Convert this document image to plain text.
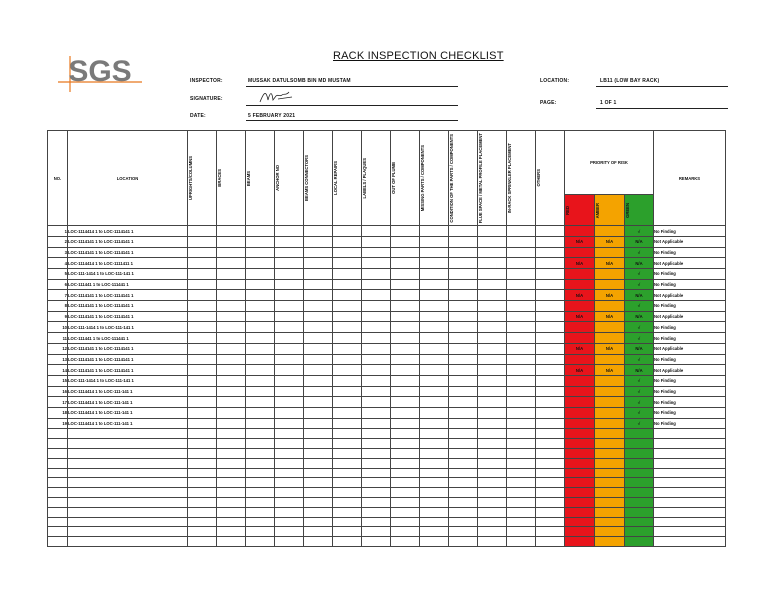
SGS	RACK INSPECTION CHECKLIST
INSPECTOR:	MUSSAK DATULSOMB BIN MD MUSTAM
SIGNATURE:
DATE:	5 FEBRUARY 2021
LOCATION:	LB11 (LOW BAY RACK)
PAGE:	1 OF 1
NO.	LOCATION	UPRIGHTS/COLUMNS	BRACES	BEAMS	ANCHOR NO	BEAMS CONNECTORS	LOCAL REPAIRS	LABELS / PLAQUES	OUT OF PLUMB	MISSING PARTS / COMPONENTS	CONDITION OF THE PARTS / COMPONENTS	FLUE SPACE / METAL PROFILE PLACEMENT	IN-RACK SPRINKLER PLACEMENT	OTHERS	PRIORITY OF RISK			REMARKS

															RED	AMBER	GREEN	

1	LOC-1114414 1 to LOC-1114141 1																√	No Finding
2	LOC-1114141 1 to LOC-1114141 1														N/A	N/A	N/A	Not Applicable
3	LOC-1114141 1 to LOC-1114141 1																√	No Finding
4	LOC-1114414 1 to LOC-1111411 1														N/A	N/A	N/A	Not Applicable
5	LOC-111-1414 1 to LOC-111-141 1																√	No Finding
6	LOC-111441 1 to LOC-111441 1																√	No Finding
7	LOC-1114141 1 to LOC-1114141 1														N/A	N/A	N/A	Not Applicable
8	LOC-1114141 1 to LOC-1114141 1																√	No Finding
9	LOC-1114141 1 to LOC-1114141 1														N/A	N/A	N/A	Not Applicable
10	LOC-111-1414 1 to LOC-111-141 1																√	No Finding
11	LOC-111441 1 to LOC-111441 1																√	No Finding
12	LOC-1114141 1 to LOC-1114141 1														N/A	N/A	N/A	Not Applicable
13	LOC-1114141 1 to LOC-1114141 1																√	No Finding
14	LOC-1114141 1 to LOC-1114141 1														N/A	N/A	N/A	Not Applicable
15	LOC-111-1414 1 to LOC-111-141 1																√	No Finding
16	LOC-1114414 1 to LOC-111-141 1																√	No Finding
17	LOC-1114414 1 to LOC-111-141 1																√	No Finding
18	LOC-1114414 1 to LOC-111-141 1																√	No Finding
19	LOC-1114414 1 to LOC-111-141 1																√	No Finding
